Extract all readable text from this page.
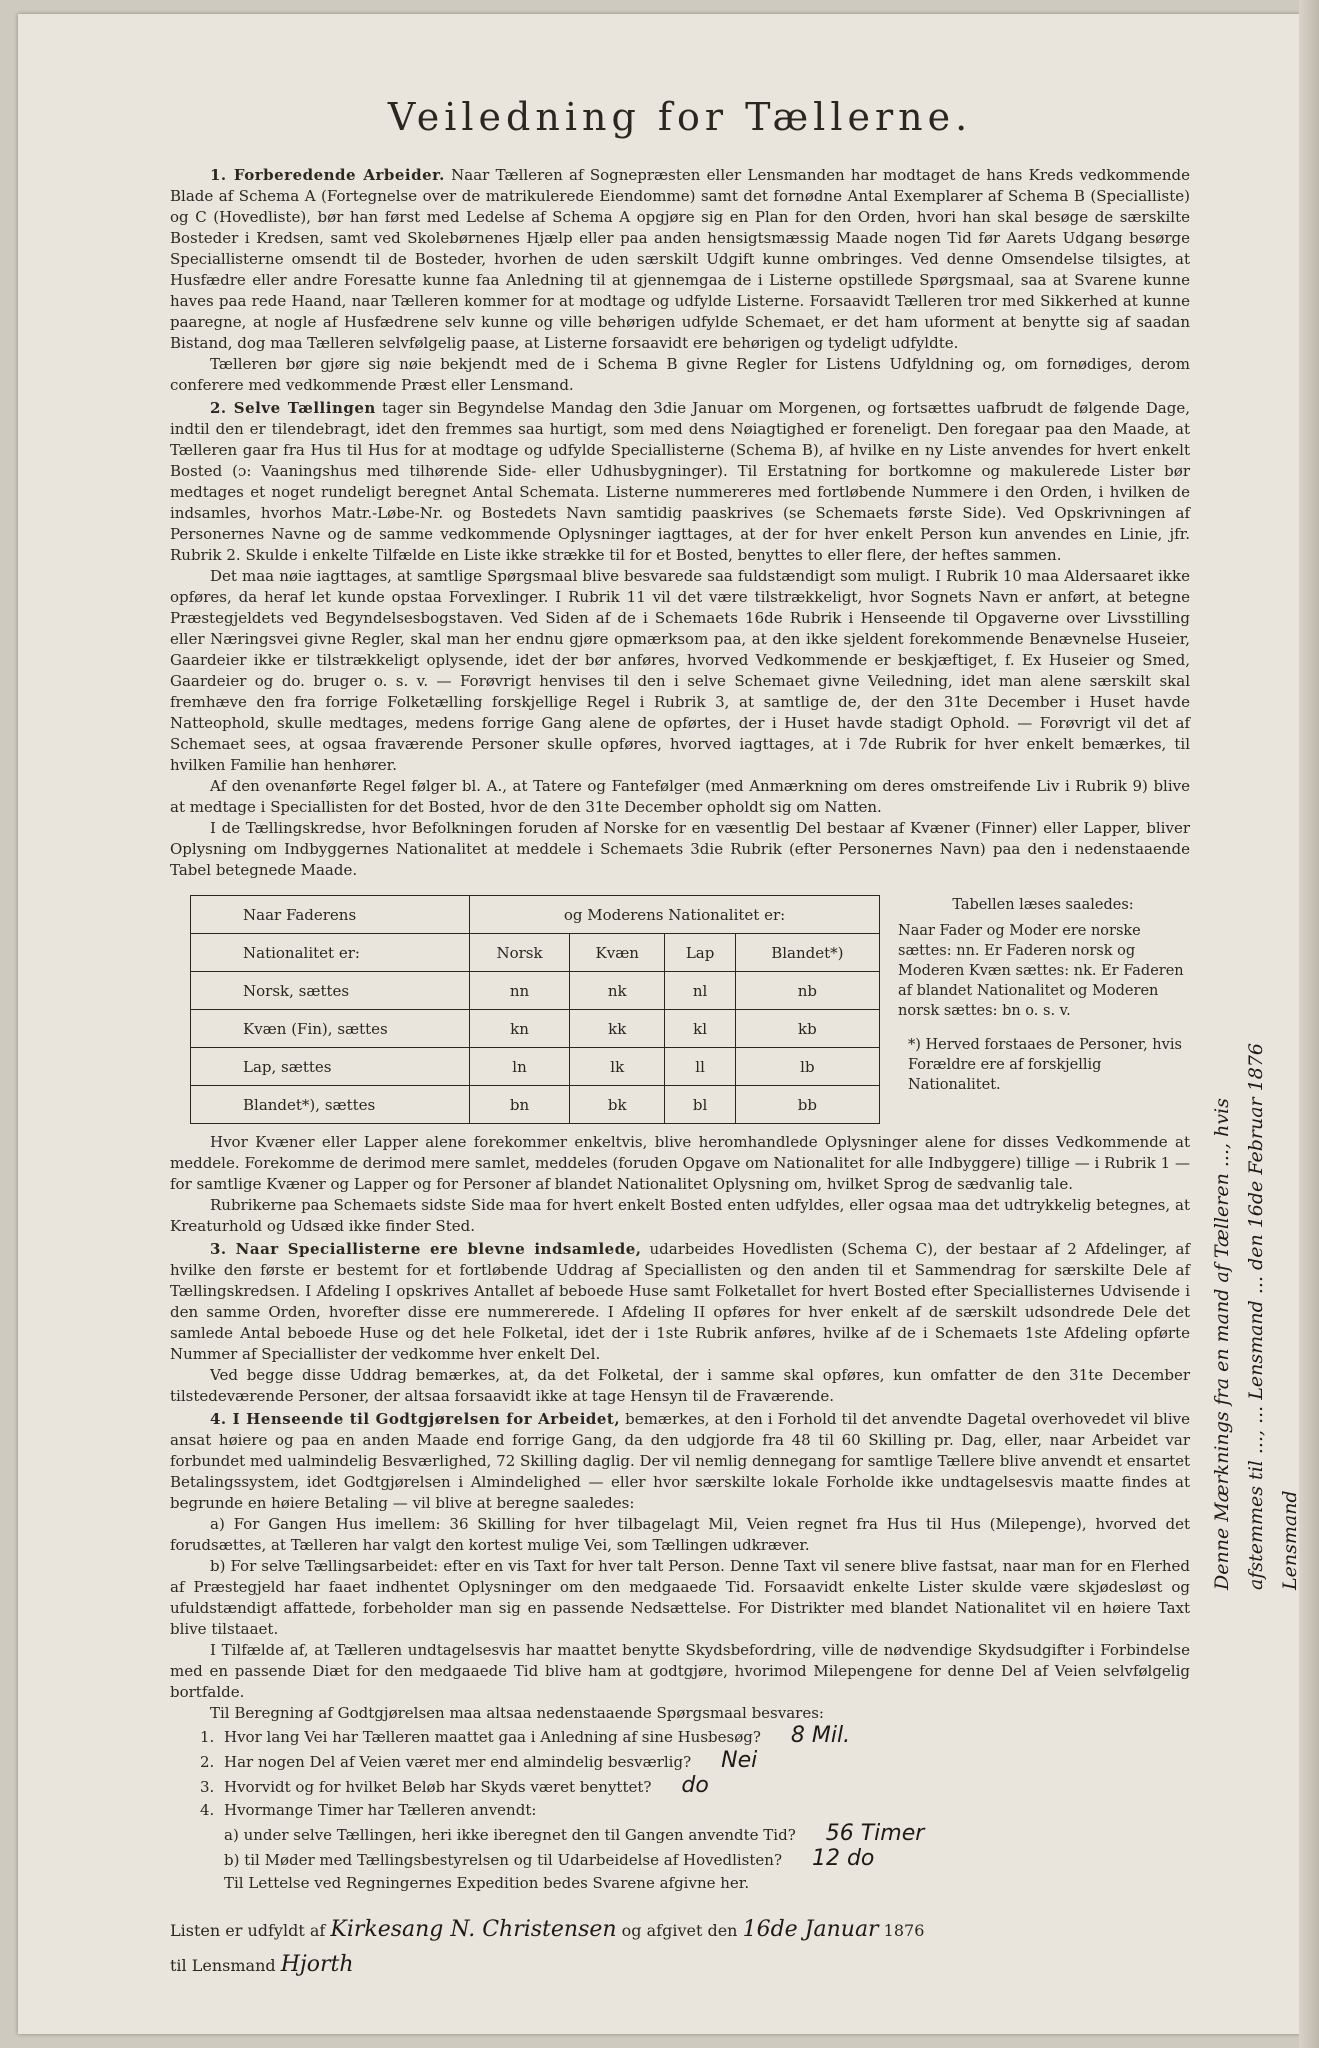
Veiledning for Tællerne.

1. Forberedende Arbeider. Naar Tælleren af Sognepræsten eller Lensmanden har modtaget de hans Kreds vedkommende Blade af Schema A (Fortegnelse over de matrikulerede Eiendomme) samt det fornødne Antal Exemplarer af Schema B (Specialliste) og C (Hovedliste), bør han først med Ledelse af Schema A opgjøre sig en Plan for den Orden, hvori han skal besøge de særskilte Bosteder i Kredsen, samt ved Skolebørnenes Hjælp eller paa anden hensigtsmæssig Maade nogen Tid før Aarets Udgang besørge Speciallisterne omsendt til de Bosteder, hvorhen de uden særskilt Udgift kunne ombringes. Ved denne Omsendelse tilsigtes, at Husfædre eller andre Foresatte kunne faa Anledning til at gjennemgaa de i Listerne opstillede Spørgsmaal, saa at Svarene kunne haves paa rede Haand, naar Tælleren kommer for at modtage og udfylde Listerne. Forsaavidt Tælleren tror med Sikkerhed at kunne paaregne, at nogle af Husfædrene selv kunne og ville behørigen udfylde Schemaet, er det ham uforment at benytte sig af saadan Bistand, dog maa Tælleren selvfølgelig paase, at Listerne forsaavidt ere behørigen og tydeligt udfyldte.

Tælleren bør gjøre sig nøie bekjendt med de i Schema B givne Regler for Listens Udfyldning og, om fornødiges, derom conferere med vedkommende Præst eller Lensmand.

2. Selve Tællingen tager sin Begyndelse Mandag den 3die Januar om Morgenen, og fortsættes uafbrudt de følgende Dage, indtil den er tilendebragt, idet den fremmes saa hurtigt, som med dens Nøiagtighed er foreneligt. Den foregaar paa den Maade, at Tælleren gaar fra Hus til Hus for at modtage og udfylde Speciallisterne (Schema B), af hvilke en ny Liste anvendes for hvert enkelt Bosted (ɔ: Vaaningshus med tilhørende Side- eller Udhusbygninger). Til Erstatning for bortkomne og makulerede Lister bør medtages et noget rundeligt beregnet Antal Schemata. Listerne nummereres med fortløbende Nummere i den Orden, i hvilken de indsamles, hvorhos Matr.-Løbe-Nr. og Bostedets Navn samtidig paaskrives (se Schemaets første Side). Ved Opskrivningen af Personernes Navne og de samme vedkommende Oplysninger iagttages, at der for hver enkelt Person kun anvendes en Linie, jfr. Rubrik 2. Skulde i enkelte Tilfælde en Liste ikke strække til for et Bosted, benyttes to eller flere, der heftes sammen.

Det maa nøie iagttages, at samtlige Spørgsmaal blive besvarede saa fuldstændigt som muligt. I Rubrik 10 maa Aldersaaret ikke opføres, da heraf let kunde opstaa Forvexlinger. I Rubrik 11 vil det være tilstrækkeligt, hvor Sognets Navn er anført, at betegne Præstegjeldets ved Begyndelsesbogstaven. Ved Siden af de i Schemaets 16de Rubrik i Henseende til Opgaverne over Livsstilling eller Næringsvei givne Regler, skal man her endnu gjøre opmærksom paa, at den ikke sjeldent forekommende Benævnelse Huseier, Gaardeier ikke er tilstrækkeligt oplysende, idet der bør anføres, hvorved Vedkommende er beskjæftiget, f. Ex Huseier og Smed, Gaardeier og do. bruger o. s. v. — Forøvrigt henvises til den i selve Schemaet givne Veiledning, idet man alene særskilt skal fremhæve den fra forrige Folketælling forskjellige Regel i Rubrik 3, at samtlige de, der den 31te December i Huset havde Natteophold, skulle medtages, medens forrige Gang alene de opførtes, der i Huset havde stadigt Ophold. — Forøvrigt vil det af Schemaet sees, at ogsaa fraværende Personer skulle opføres, hvorved iagttages, at i 7de Rubrik for hver enkelt bemærkes, til hvilken Familie han henhører.

Af den ovenanførte Regel følger bl. A., at Tatere og Fantefølger (med Anmærkning om deres omstreifende Liv i Rubrik 9) blive at medtage i Speciallisten for det Bosted, hvor de den 31te December opholdt sig om Natten.

I de Tællingskredse, hvor Befolkningen foruden af Norske for en væsentlig Del bestaar af Kvæner (Finner) eller Lapper, bliver Oplysning om Indbyggernes Nationalitet at meddele i Schemaets 3die Rubrik (efter Personernes Navn) paa den i nedenstaaende Tabel betegnede Maade.

Naar Faderens	og Moderens Nationalitet er:			
Nationalitet er:	Norsk	Kvæn	Lap	Blandet*)
Norsk, sættes	nn	nk	nl	nb
Kvæn (Fin), sættes	kn	kk	kl	kb
Lap, sættes	ln	lk	ll	lb
Blandet*), sættes	bn	bk	bl	bb
Tabellen læses saaledes:
Naar Fader og Moder ere norske sættes: nn. Er Faderen norsk og Moderen Kvæn sættes: nk. Er Faderen af blandet Nationalitet og Moderen norsk sættes: bn o. s. v.
*) Herved forstaaes de Personer, hvis Forældre ere af forskjellig Nationalitet.

Hvor Kvæner eller Lapper alene forekommer enkeltvis, blive heromhandlede Oplysninger alene for disses Vedkommende at meddele. Forekomme de derimod mere samlet, meddeles (foruden Opgave om Nationalitet for alle Indbyggere) tillige — i Rubrik 1 — for samtlige Kvæner og Lapper og for Personer af blandet Nationalitet Oplysning om, hvilket Sprog de sædvanlig tale.

Rubrikerne paa Schemaets sidste Side maa for hvert enkelt Bosted enten udfyldes, eller ogsaa maa det udtrykkelig betegnes, at Kreaturhold og Udsæd ikke finder Sted.

3. Naar Speciallisterne ere blevne indsamlede, udarbeides Hovedlisten (Schema C), der bestaar af 2 Afdelinger, af hvilke den første er bestemt for et fortløbende Uddrag af Speciallisten og den anden til et Sammendrag for særskilte Dele af Tællingskredsen. I Afdeling I opskrives Antallet af beboede Huse samt Folketallet for hvert Bosted efter Speciallisternes Udvisende i den samme Orden, hvorefter disse ere nummererede. I Afdeling II opføres for hver enkelt af de særskilt udsondrede Dele det samlede Antal beboede Huse og det hele Folketal, idet der i 1ste Rubrik anføres, hvilke af de i Schemaets 1ste Afdeling opførte Nummer af Speciallister der vedkomme hver enkelt Del.

Ved begge disse Uddrag bemærkes, at, da det Folketal, der i samme skal opføres, kun omfatter de den 31te December tilstedeværende Personer, der altsaa forsaavidt ikke at tage Hensyn til de Fraværende.

4. I Henseende til Godtgjørelsen for Arbeidet, bemærkes, at den i Forhold til det anvendte Dagetal overhovedet vil blive ansat høiere og paa en anden Maade end forrige Gang, da den udgjorde fra 48 til 60 Skilling pr. Dag, eller, naar Arbeidet var forbundet med ualmindelig Besværlighed, 72 Skilling daglig. Der vil nemlig dennegang for samtlige Tællere blive anvendt et ensartet Betalingssystem, idet Godtgjørelsen i Almindelighed — eller hvor særskilte lokale Forholde ikke undtagelsesvis maatte findes at begrunde en høiere Betaling — vil blive at beregne saaledes:

a) For Gangen Hus imellem: 36 Skilling for hver tilbagelagt Mil, Veien regnet fra Hus til Hus (Milepenge), hvorved det forudsættes, at Tælleren har valgt den kortest mulige Vei, som Tællingen udkræver.

b) For selve Tællingsarbeidet: efter en vis Taxt for hver talt Person. Denne Taxt vil senere blive fastsat, naar man for en Flerhed af Præstegjeld har faaet indhentet Oplysninger om den medgaaede Tid. Forsaavidt enkelte Lister skulde være skjødesløst og ufuldstændigt affattede, forbeholder man sig en passende Nedsættelse. For Distrikter med blandet Nationalitet vil en høiere Taxt blive tilstaaet.

I Tilfælde af, at Tælleren undtagelsesvis har maattet benytte Skydsbefordring, ville de nødvendige Skydsudgifter i Forbindelse med en passende Diæt for den medgaaede Tid blive ham at godtgjøre, hvorimod Milepengene for denne Del af Veien selvfølgelig bortfalde.

Til Beregning af Godtgjørelsen maa altsaa nedenstaaende Spørgsmaal besvares:

1. Hvor lang Vei har Tælleren maattet gaa i Anledning af sine Husbesøg? 8 Mil.
2. Har nogen Del af Veien været mer end almindelig besværlig? Nei
3. Hvorvidt og for hvilket Beløb har Skyds været benyttet? do
4. Hvormange Timer har Tælleren anvendt:
a) under selve Tællingen, heri ikke iberegnet den til Gangen anvendte Tid? 56 Timer
b) til Møder med Tællingsbestyrelsen og til Udarbeidelse af Hovedlisten? 12 do
Til Lettelse ved Regningernes Expedition bedes Svarene afgivne her.
Listen er udfyldt af Kirkesang N. Christensen og afgivet den 16de Januar 1876
til Lensmand Hjorth
Denne Mærknings fra en mand af Tælleren ..., hvis afstemmes til ..., ... Lensmand ... den 16de Februar 1876 Lensmand
